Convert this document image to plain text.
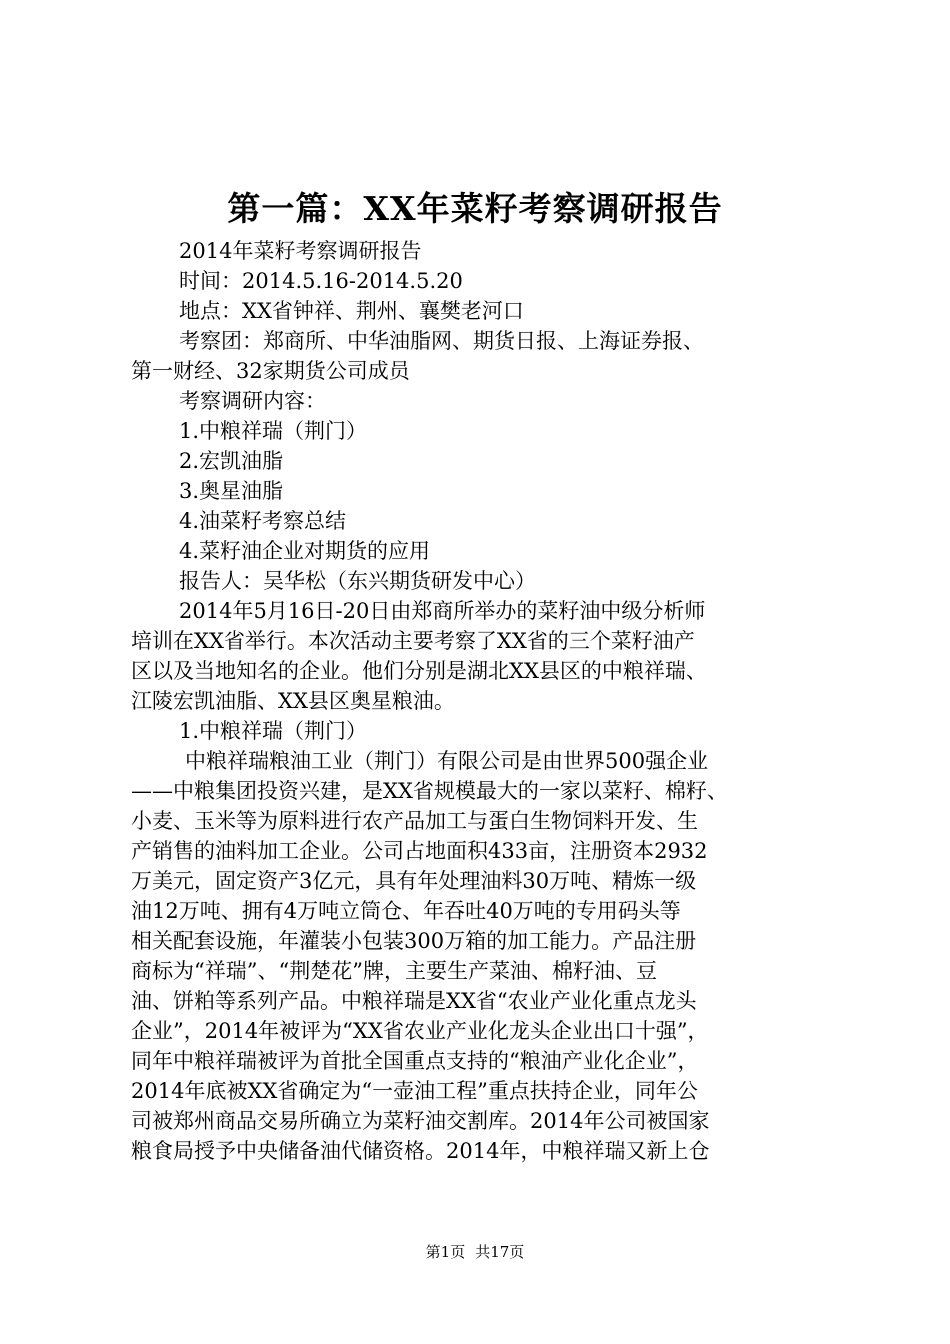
第一篇：XX年菜籽考察调研报告
2014年菜籽考察调研报告
时间：2014.5.16-2014.5.20
地点：XX省钟祥、荆州、襄樊老河口
考察团：郑商所、中华油脂网、期货日报、上海证券报、
第一财经、32家期货公司成员
考察调研内容：
1.中粮祥瑞（荆门）
2.宏凯油脂
3.奥星油脂
4.油菜籽考察总结
4.菜籽油企业对期货的应用
报告人：吴华松（东兴期货研发中心）
2014年5月16日-20日由郑商所举办的菜籽油中级分析师
培训在XX省举行。本次活动主要考察了XX省的三个菜籽油产
区以及当地知名的企业。他们分别是湖北XX县区的中粮祥瑞、
江陵宏凯油脂、XX县区奥星粮油。
1.中粮祥瑞（荆门）
中粮祥瑞粮油工业（荆门）有限公司是由世界500强企业
——中粮集团投资兴建，是XX省规模最大的一家以菜籽、棉籽、
小麦、玉米等为原料进行农产品加工与蛋白生物饲料开发、生
产销售的油料加工企业。公司占地面积433亩，注册资本2932
万美元，固定资产3亿元，具有年处理油料30万吨、精炼一级
油12万吨、拥有4万吨立筒仓、年吞吐40万吨的专用码头等
相关配套设施，年灌装小包装300万箱的加工能力。产品注册
商标为“祥瑞”、“荆楚花”牌，主要生产菜油、棉籽油、豆
油、饼粕等系列产品。中粮祥瑞是XX省“农业产业化重点龙头
企业”，2014年被评为“XX省农业产业化龙头企业出口十强”，
同年中粮祥瑞被评为首批全国重点支持的“粮油产业化企业”，
2014年底被XX省确定为“一壶油工程”重点扶持企业，同年公
司被郑州商品交易所确立为菜籽油交割库。2014年公司被国家
粮食局授予中央储备油代储资格。2014年，中粮祥瑞又新上仓
第1页 共17页
